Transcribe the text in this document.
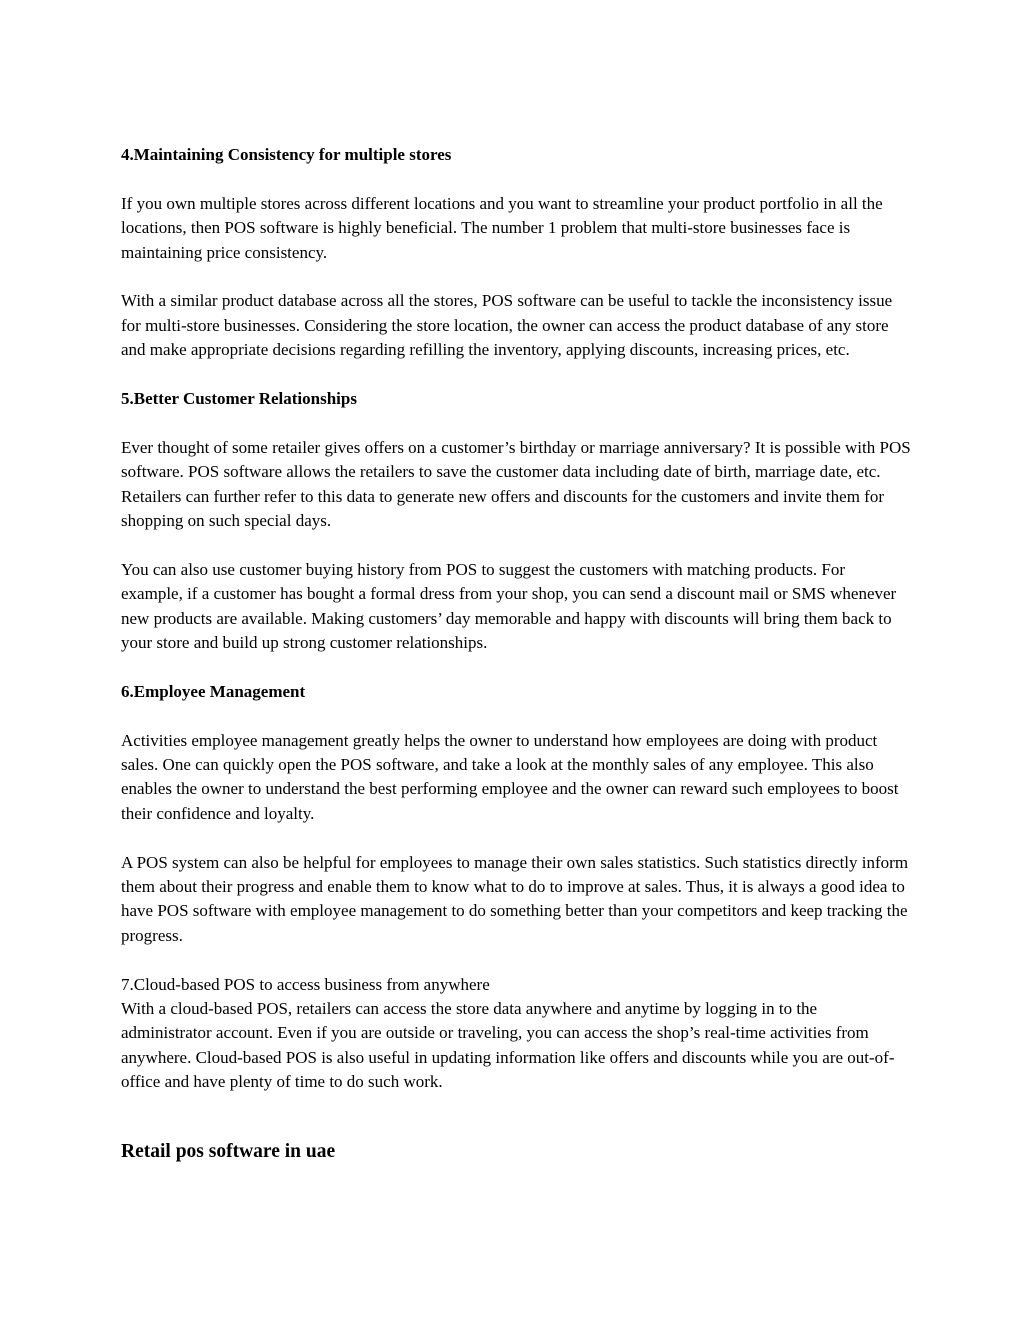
4.Maintaining Consistency for multiple stores

If you own multiple stores across different locations and you want to streamline your product portfolio in all the locations, then POS software is highly beneficial. The number 1 problem that multi-store businesses face is maintaining price consistency.

With a similar product database across all the stores, POS software can be useful to tackle the inconsistency issue for multi-store businesses. Considering the store location, the owner can access the product database of any store and make appropriate decisions regarding refilling the inventory, applying discounts, increasing prices, etc.

5.Better Customer Relationships

Ever thought of some retailer gives offers on a customer’s birthday or marriage anniversary? It is possible with POS software. POS software allows the retailers to save the customer data including date of birth, marriage date, etc. Retailers can further refer to this data to generate new offers and discounts for the customers and invite them for shopping on such special days.

You can also use customer buying history from POS to suggest the customers with matching products. For example, if a customer has bought a formal dress from your shop, you can send a discount mail or SMS whenever new products are available. Making customers’ day memorable and happy with discounts will bring them back to your store and build up strong customer relationships.

6.Employee Management

Activities employee management greatly helps the owner to understand how employees are doing with product sales. One can quickly open the POS software, and take a look at the monthly sales of any employee. This also enables the owner to understand the best performing employee and the owner can reward such employees to boost their confidence and loyalty.

A POS system can also be helpful for employees to manage their own sales statistics. Such statistics directly inform them about their progress and enable them to know what to do to improve at sales. Thus, it is always a good idea to have POS software with employee management to do something better than your competitors and keep tracking the progress.

7.Cloud-based POS to access business from anywhere

With a cloud-based POS, retailers can access the store data anywhere and anytime by logging in to the administrator account. Even if you are outside or traveling, you can access the shop’s real-time activities from anywhere. Cloud-based POS is also useful in updating information like offers and discounts while you are out-of-office and have plenty of time to do such work.

Retail pos software in uae
